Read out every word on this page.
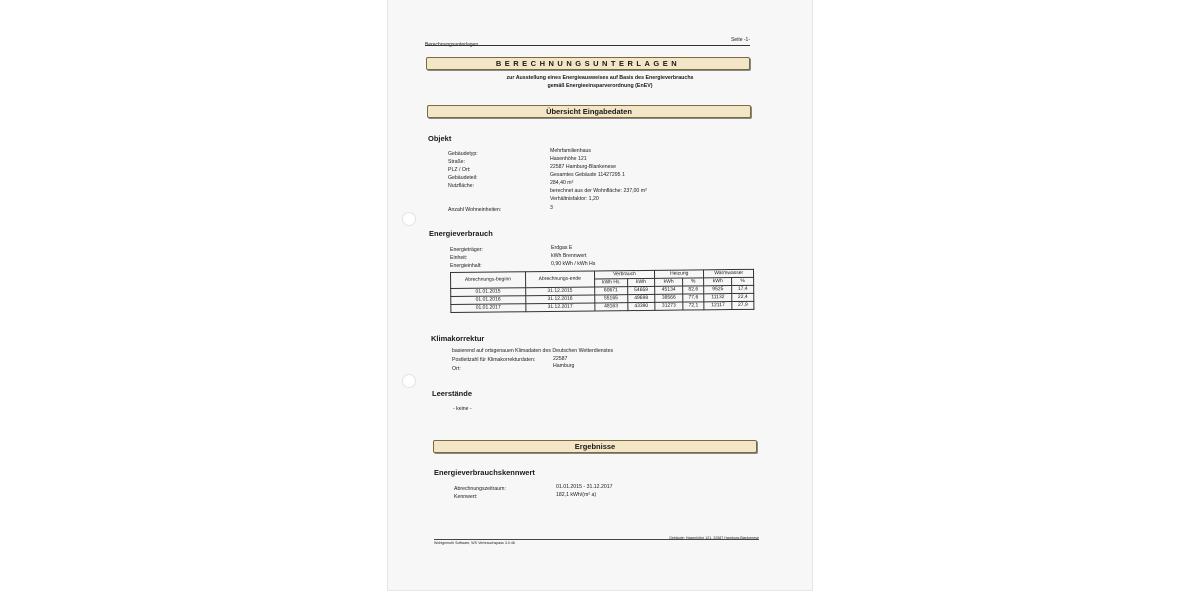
Berechnungsunterlagen
Seite -1-
BERECHNUNGSUNTERLAGEN
zur Ausstellung eines Energieausweises auf Basis des Energieverbrauchs
gemäß Energieeinsparverordnung (EnEV)
Übersicht Eingabedaten
Objekt
Gebäudetyp:	Mehrfamilienhaus
Straße:	Hasenhöhe 121
PLZ / Ort:	22587 Hamburg-Blankenese
Gebäudeteil:	Gesamtes Gebäude 11427295 1
Nutzfläche:	284,40 m²
berechnet aus der Wohnfläche: 237,00 m²
Verhältnisfaktor: 1,20
Anzahl Wohneinheiten:	3
Energieverbrauch
Energieträger:	Erdgas E
Einheit:	kWh Brennwert
Energieinhalt:	0,90 kWh / kWh Hs
Abrechnungs-beginn	Abrechnungs-ende	Verbrauch		Heizung		Warmwasser	
		kWh Hs	kWh	kWh	%	kWh	%
01.01.2015	31.12.2015	60671	54659	45134	82,6	9525	17,4
01.01.2016	31.12.2016	55165	49698	38566	77,6	11132	22,4
01.01.2017	31.12.2017	48163	43390	31273	72,1	12117	27,9
Klimakorrektur
basierend auf ortsgenauen Klimadaten des Deutschen Wetterdienstes
Postleitzahl für Klimakorrekturdaten:	22587
Ort:	Hamburg
Leerstände
- keine -
Ergebnisse
Energieverbrauchskennwert
Abrechnungszeitraum:	01.01.2015 - 31.12.2017
Kennwert:	182,1 kWh/(m² a)
Gebäude: Hasenhöhe 121, 22587 Hamburg-Blankenese
Wohlgemuth Software, WS Verbrauchspass 3.0.46
